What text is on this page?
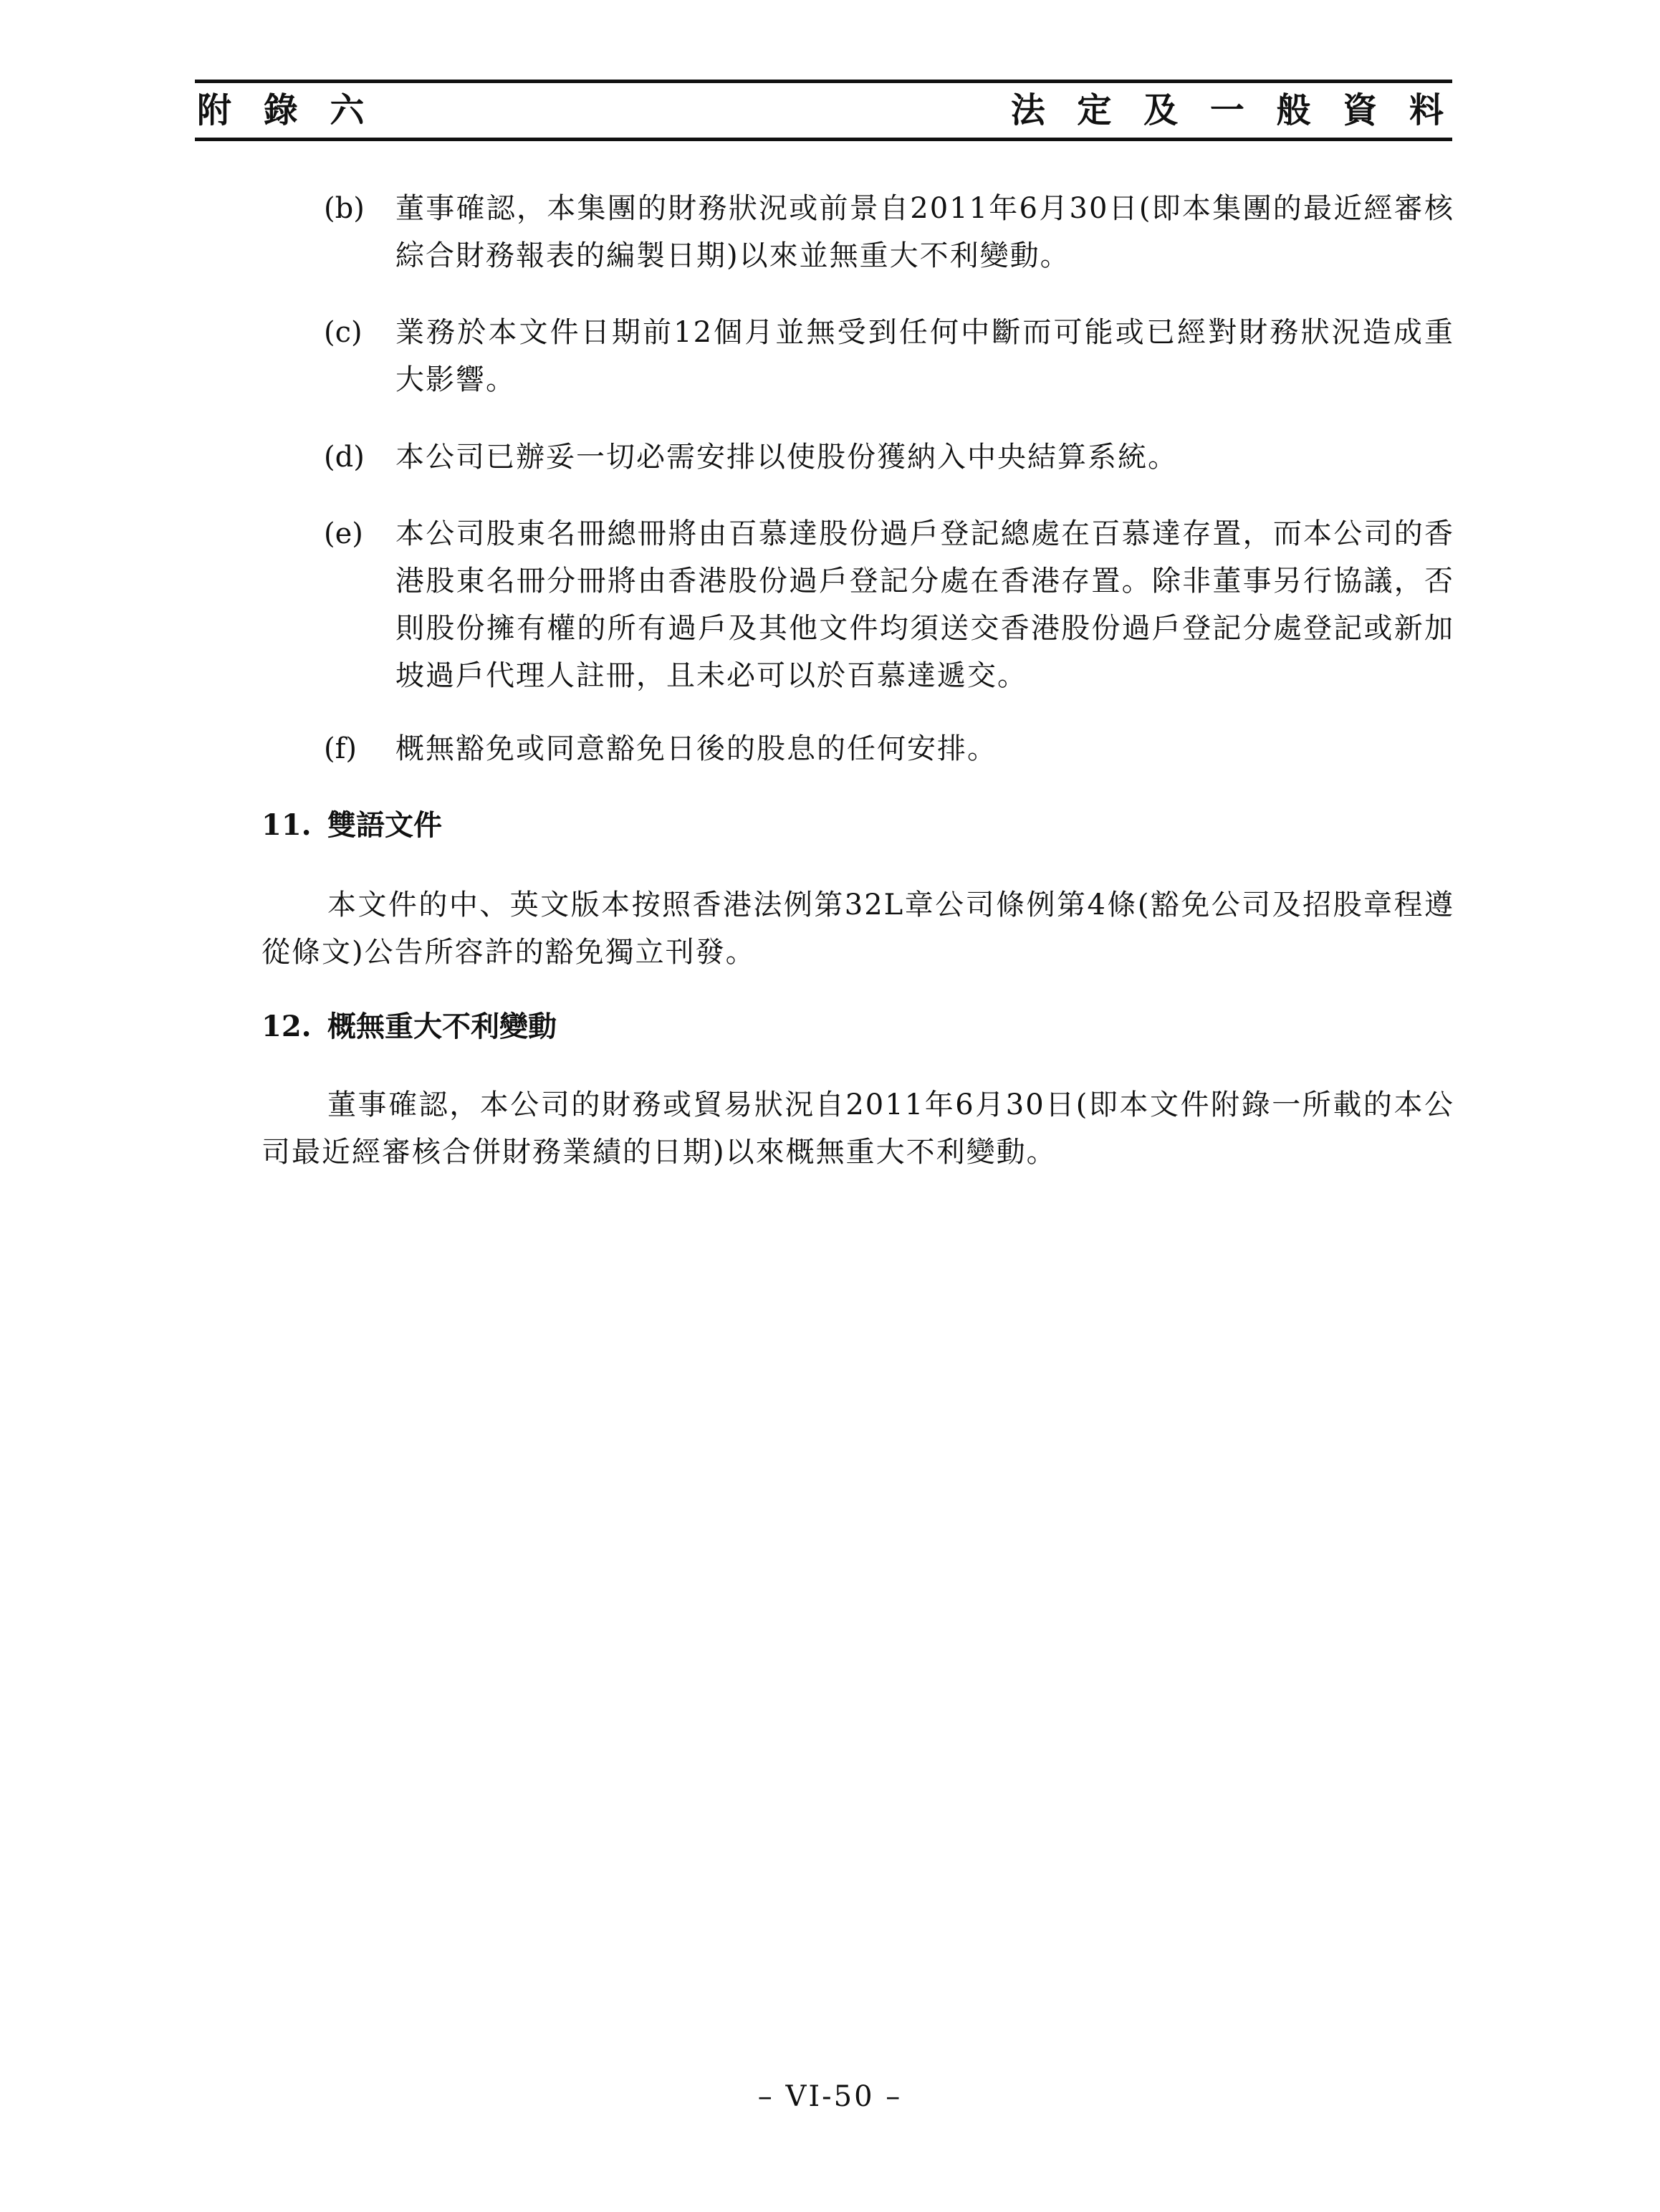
附 錄 六	法 定 及 一 般 資 料
(b)	董事確認，本集團的財務狀況或前景自2011年6月30日(即本集團的最近經審核綜合財務報表的編製日期)以來並無重大不利變動。
(c)	業務於本文件日期前12個月並無受到任何中斷而可能或已經對財務狀況造成重大影響。
(d)	本公司已辦妥一切必需安排以使股份獲納入中央結算系統。
(e)	本公司股東名冊總冊將由百慕達股份過戶登記總處在百慕達存置，而本公司的香港股東名冊分冊將由香港股份過戶登記分處在香港存置。除非董事另行協議，否則股份擁有權的所有過戶及其他文件均須送交香港股份過戶登記分處登記或新加坡過戶代理人註冊，且未必可以於百慕達遞交。
(f)	概無豁免或同意豁免日後的股息的任何安排。
11. 雙語文件
本文件的中、英文版本按照香港法例第32L章公司條例第4條(豁免公司及招股章程遵從條文)公告所容許的豁免獨立刊發。
12. 概無重大不利變動
董事確認，本公司的財務或貿易狀況自2011年6月30日(即本文件附錄一所載的本公司最近經審核合併財務業績的日期)以來概無重大不利變動。
– VI-50 –
